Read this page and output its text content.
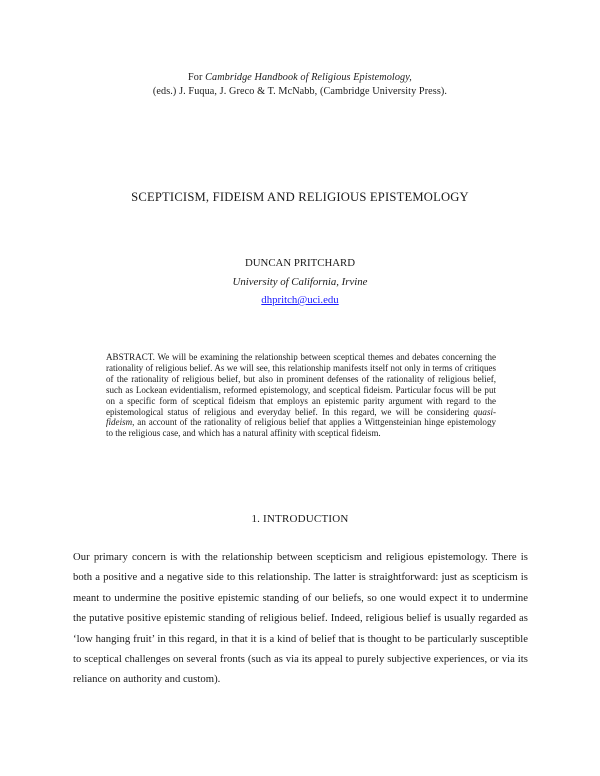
For Cambridge Handbook of Religious Epistemology,
(eds.) J. Fuqua, J. Greco & T. McNabb, (Cambridge University Press).
SCEPTICISM, FIDEISM AND RELIGIOUS EPISTEMOLOGY
DUNCAN PRITCHARD
University of California, Irvine
dhpritch@uci.edu
ABSTRACT. We will be examining the relationship between sceptical themes and debates concerning the rationality of religious belief. As we will see, this relationship manifests itself not only in terms of critiques of the rationality of religious belief, but also in prominent defenses of the rationality of religious belief, such as Lockean evidentialism, reformed epistemology, and sceptical fideism. Particular focus will be put on a specific form of sceptical fideism that employs an epistemic parity argument with regard to the epistemological status of religious and everyday belief. In this regard, we will be considering quasi-fideism, an account of the rationality of religious belief that applies a Wittgensteinian hinge epistemology to the religious case, and which has a natural affinity with sceptical fideism.
1. INTRODUCTION
Our primary concern is with the relationship between scepticism and religious epistemology. There is both a positive and a negative side to this relationship. The latter is straightforward: just as scepticism is meant to undermine the positive epistemic standing of our beliefs, so one would expect it to undermine the putative positive epistemic standing of religious belief. Indeed, religious belief is usually regarded as ‘low hanging fruit’ in this regard, in that it is a kind of belief that is thought to be particularly susceptible to sceptical challenges on several fronts (such as via its appeal to purely subjective experiences, or via its reliance on authority and custom).
